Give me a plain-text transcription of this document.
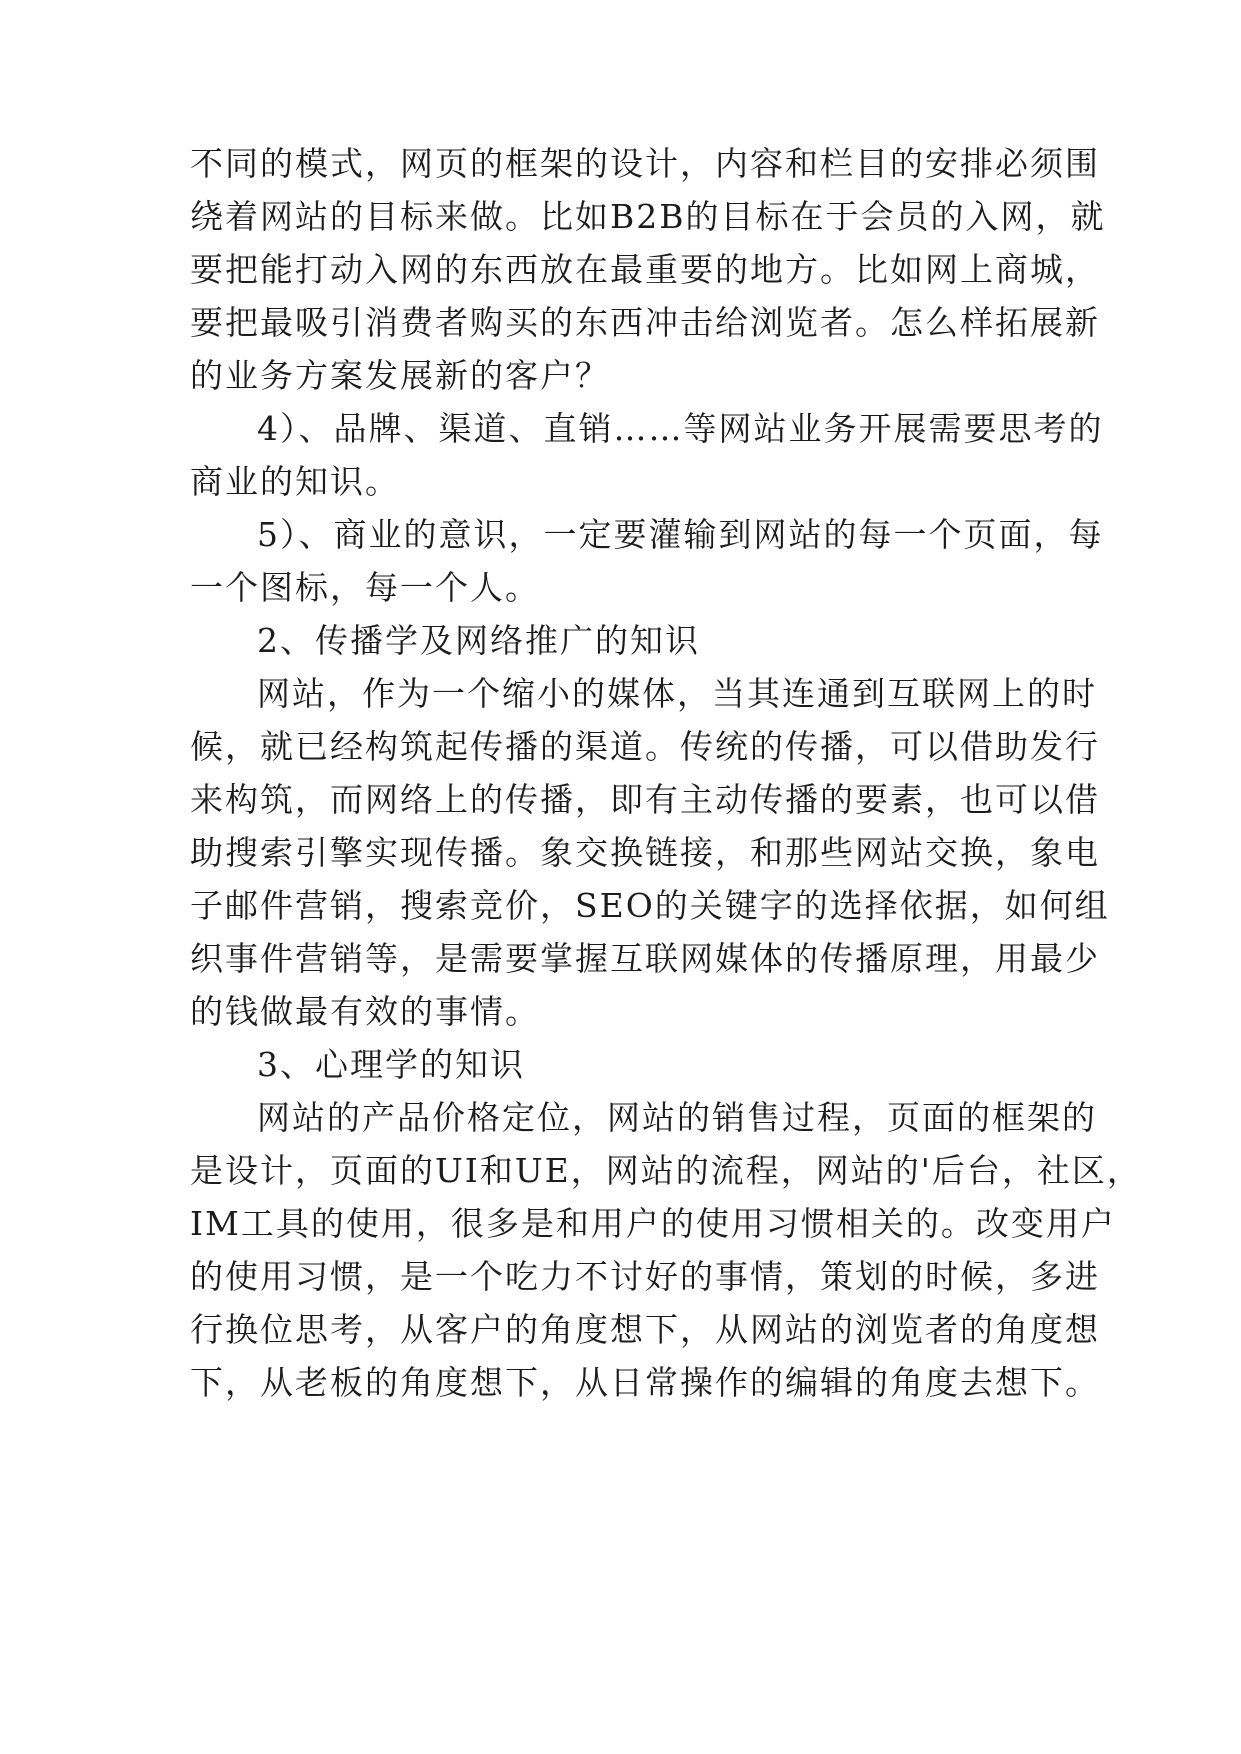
不同的模式，网页的框架的设计，内容和栏目的安排必须围
绕着网站的目标来做。比如B2B的目标在于会员的入网，就
要把能打动入网的东西放在最重要的地方。比如网上商城，
要把最吸引消费者购买的东西冲击给浏览者。怎么样拓展新
的业务方案发展新的客户？
4）、品牌、渠道、直销……等网站业务开展需要思考的
商业的知识。
5）、商业的意识，一定要灌输到网站的每一个页面，每
一个图标，每一个人。
2、传播学及网络推广的知识
网站，作为一个缩小的媒体，当其连通到互联网上的时
候，就已经构筑起传播的渠道。传统的传播，可以借助发行
来构筑，而网络上的传播，即有主动传播的要素，也可以借
助搜索引擎实现传播。象交换链接，和那些网站交换，象电
子邮件营销，搜索竞价，SEO的关键字的选择依据，如何组
织事件营销等，是需要掌握互联网媒体的传播原理，用最少
的钱做最有效的事情。
3、心理学的知识
网站的产品价格定位，网站的销售过程，页面的框架的
是设计，页面的UI和UE，网站的流程，网站的'后台，社区，
IM工具的使用，很多是和用户的使用习惯相关的。改变用户
的使用习惯，是一个吃力不讨好的事情，策划的时候，多进
行换位思考，从客户的角度想下，从网站的浏览者的角度想
下，从老板的角度想下，从日常操作的编辑的角度去想下。
